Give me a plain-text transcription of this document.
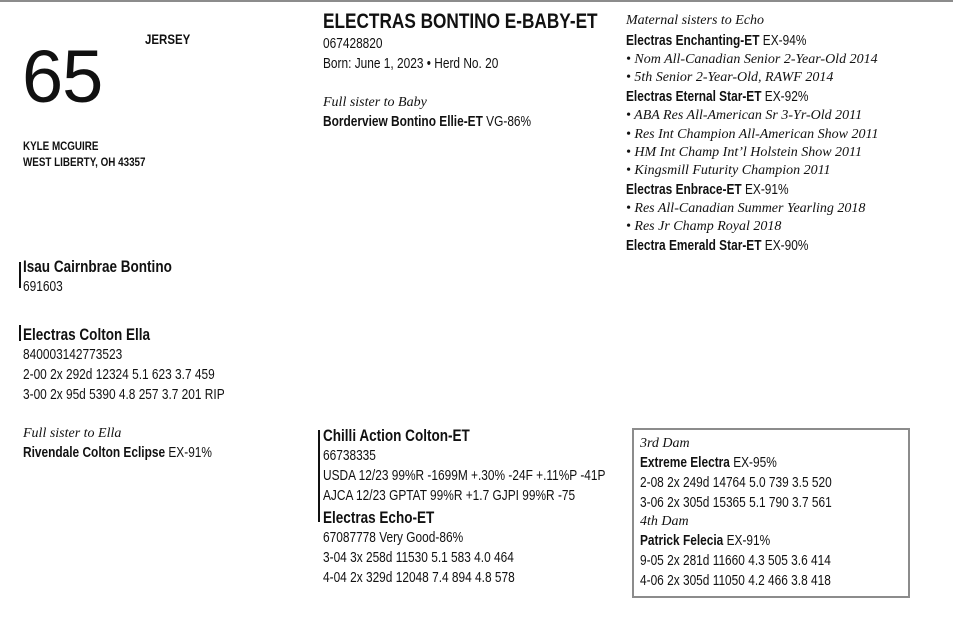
65	JERSEY
KYLE MCGUIRE
WEST LIBERTY, OH 43357
ELECTRAS BONTINO E-BABY-ET
067428820
Born: June 1, 2023 • Herd No. 20
Full sister to Baby
Borderview Bontino Ellie-ET VG-86%
Maternal sisters to Echo
Electras Enchanting-ET EX-94%
• Nom All-Canadian Senior 2-Year-Old 2014
• 5th Senior 2-Year-Old, RAWF 2014
Electras Eternal Star-ET EX-92%
• ABA Res All-American Sr 3-Yr-Old 2011
• Res Int Champion All-American Show 2011
• HM Int Champ Int’l Holstein Show 2011
• Kingsmill Futurity Champion 2011
Electras Enbrace-ET EX-91%
• Res All-Canadian Summer Yearling 2018
• Res Jr Champ Royal 2018
Electra Emerald Star-ET EX-90%
Isau Cairnbrae Bontino
691603
Electras Colton Ella
840003142773523
2-00 2x 292d 12324 5.1 623 3.7 459
3-00 2x 95d 5390 4.8 257 3.7 201 RIP
Full sister to Ella
Rivendale Colton Eclipse EX-91%
Chilli Action Colton-ET
66738335
USDA 12/23 99%R -1699M +.30% -24F +.11%P -41P
AJCA 12/23 GPTAT 99%R +1.7 GJPI 99%R -75
Electras Echo-ET
67087778 Very Good-86%
3-04 3x 258d 11530 5.1 583 4.0 464
4-04 2x 329d 12048 7.4 894 4.8 578
3rd Dam
Extreme Electra EX-95%
2-08 2x 249d 14764 5.0 739 3.5 520
3-06 2x 305d 15365 5.1 790 3.7 561
4th Dam
Patrick Felecia EX-91%
9-05 2x 281d 11660 4.3 505 3.6 414
4-06 2x 305d 11050 4.2 466 3.8 418
